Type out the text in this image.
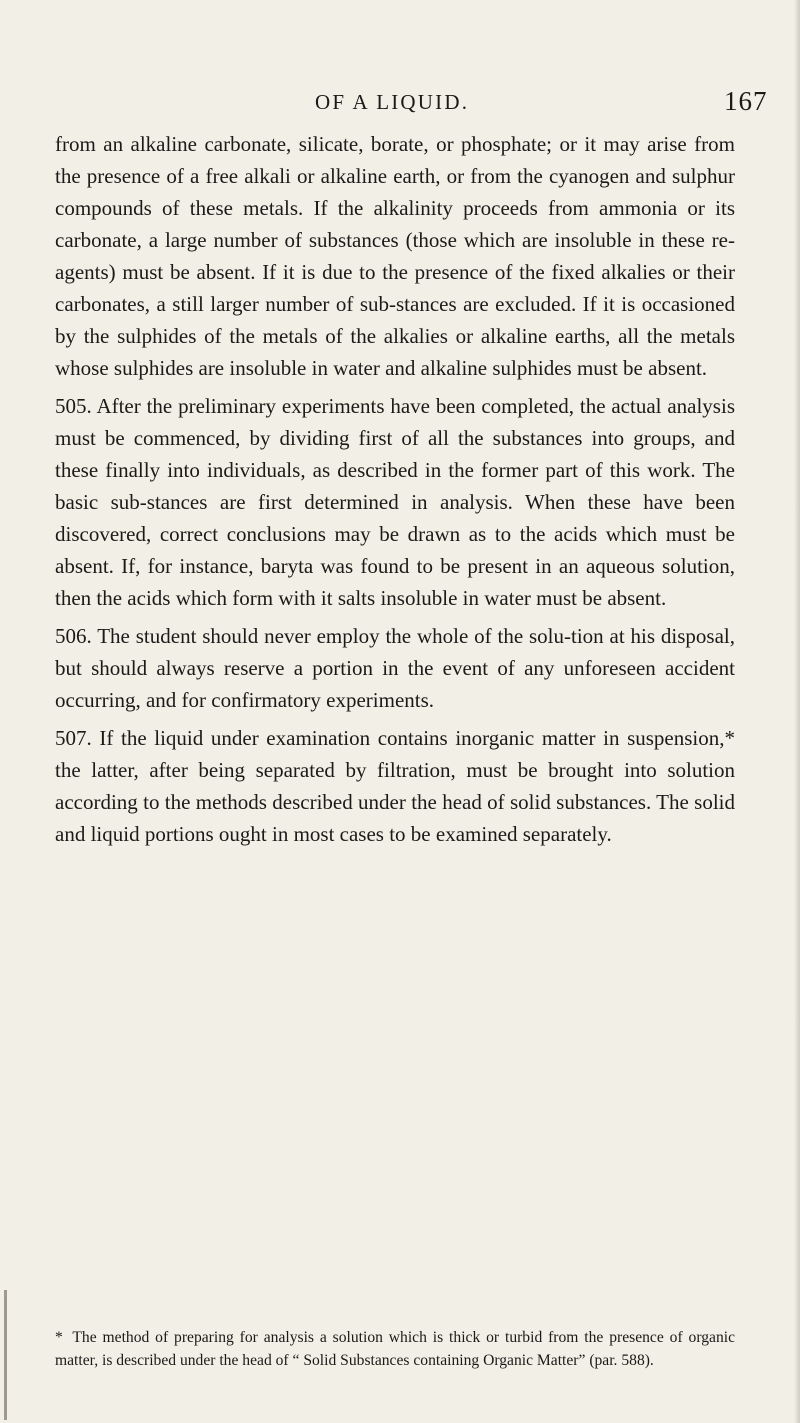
OF A LIQUID.	167

from an alkaline carbonate, silicate, borate, or phosphate; or it may arise from the presence of a free alkali or alkaline earth, or from the cyanogen and sulphur compounds of these metals. If the alkalinity proceeds from ammonia or its carbonate, a large number of substances (those which are insoluble in these re-agents) must be absent. If it is due to the presence of the fixed alkalies or their carbonates, a still larger number of sub-stances are excluded. If it is occasioned by the sulphides of the metals of the alkalies or alkaline earths, all the metals whose sulphides are insoluble in water and alkaline sulphides must be absent.

505. After the preliminary experiments have been completed, the actual analysis must be commenced, by dividing first of all the substances into groups, and these finally into individuals, as described in the former part of this work. The basic sub-stances are first determined in analysis. When these have been discovered, correct conclusions may be drawn as to the acids which must be absent. If, for instance, baryta was found to be present in an aqueous solution, then the acids which form with it salts insoluble in water must be absent.

506. The student should never employ the whole of the solu-tion at his disposal, but should always reserve a portion in the event of any unforeseen accident occurring, and for confirmatory experiments.

507. If the liquid under examination contains inorganic matter in suspension,* the latter, after being separated by filtration, must be brought into solution according to the methods described under the head of solid substances. The solid and liquid portions ought in most cases to be examined separately.

* The method of preparing for analysis a solution which is thick or turbid from the presence of organic matter, is described under the head of “ Solid Substances containing Organic Matter” (par. 588).
